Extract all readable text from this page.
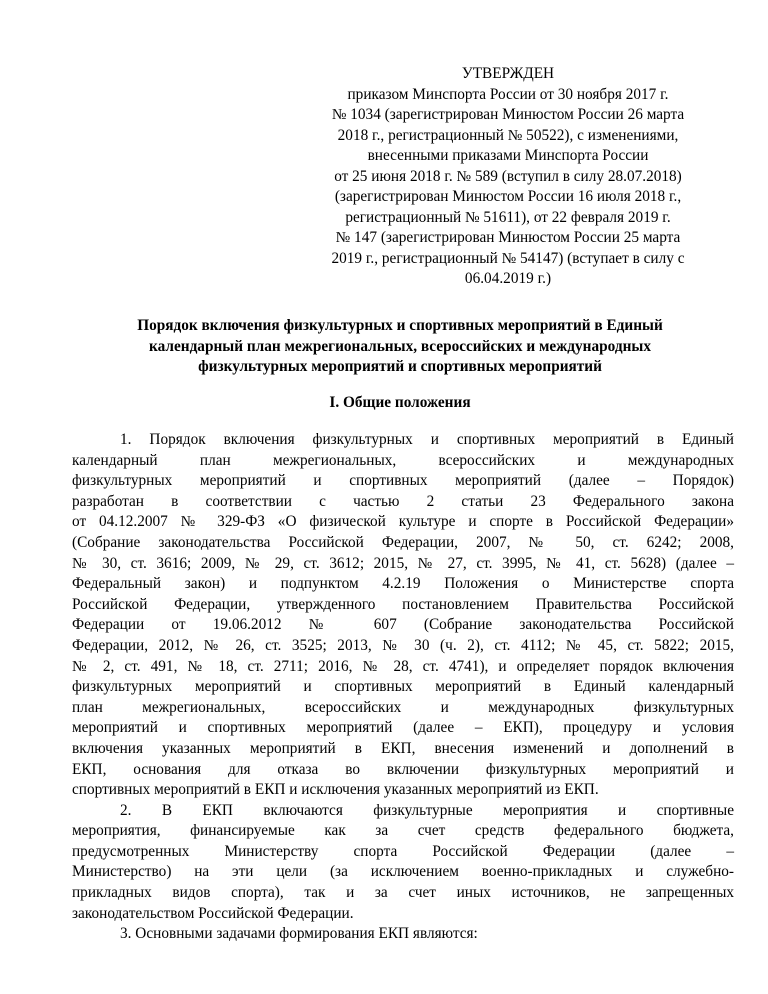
УТВЕРЖДЕН
приказом Минспорта России от 30 ноября 2017 г.
№ 1034 (зарегистрирован Минюстом России 26 марта
2018 г., регистрационный № 50522), с изменениями,
внесенными приказами Минспорта России
от 25 июня 2018 г. № 589 (вступил в силу 28.07.2018)
(зарегистрирован Минюстом России 16 июля 2018 г.,
регистрационный № 51611), от 22 февраля 2019 г.
№ 147 (зарегистрирован Минюстом России 25 марта
2019 г., регистрационный № 54147) (вступает в силу с
06.04.2019 г.)
Порядок включения физкультурных и спортивных мероприятий в Единый
календарный план межрегиональных, всероссийских и международных
физкультурных мероприятий и спортивных мероприятий
I. Общие положения
1. Порядок включения физкультурных и спортивных мероприятий в Единый
календарный план межрегиональных, всероссийских и международных
физкультурных мероприятий и спортивных мероприятий (далее – Порядок)
разработан в соответствии с частью 2 статьи 23 Федерального закона
от 04.12.2007 № 329-ФЗ «О физической культуре и спорте в Российской Федерации»
(Собрание законодательства Российской Федерации, 2007, № 50, ст. 6242; 2008,
№ 30, ст. 3616; 2009, № 29, ст. 3612; 2015, № 27, ст. 3995, № 41, ст. 5628) (далее –
Федеральный закон) и подпунктом 4.2.19 Положения о Министерстве спорта
Российской Федерации, утвержденного постановлением Правительства Российской
Федерации от 19.06.2012 № 607 (Собрание законодательства Российской
Федерации, 2012, № 26, ст. 3525; 2013, № 30 (ч. 2), ст. 4112; № 45, ст. 5822; 2015,
№ 2, ст. 491, № 18, ст. 2711; 2016, № 28, ст. 4741), и определяет порядок включения
физкультурных мероприятий и спортивных мероприятий в Единый календарный
план межрегиональных, всероссийских и международных физкультурных
мероприятий и спортивных мероприятий (далее – ЕКП), процедуру и условия
включения указанных мероприятий в ЕКП, внесения изменений и дополнений в
ЕКП, основания для отказа во включении физкультурных мероприятий и
спортивных мероприятий в ЕКП и исключения указанных мероприятий из ЕКП.
2. В ЕКП включаются физкультурные мероприятия и спортивные
мероприятия, финансируемые как за счет средств федерального бюджета,
предусмотренных Министерству спорта Российской Федерации (далее –
Министерство) на эти цели (за исключением военно-прикладных и служебно-
прикладных видов спорта), так и за счет иных источников, не запрещенных
законодательством Российской Федерации.
3. Основными задачами формирования ЕКП являются:
